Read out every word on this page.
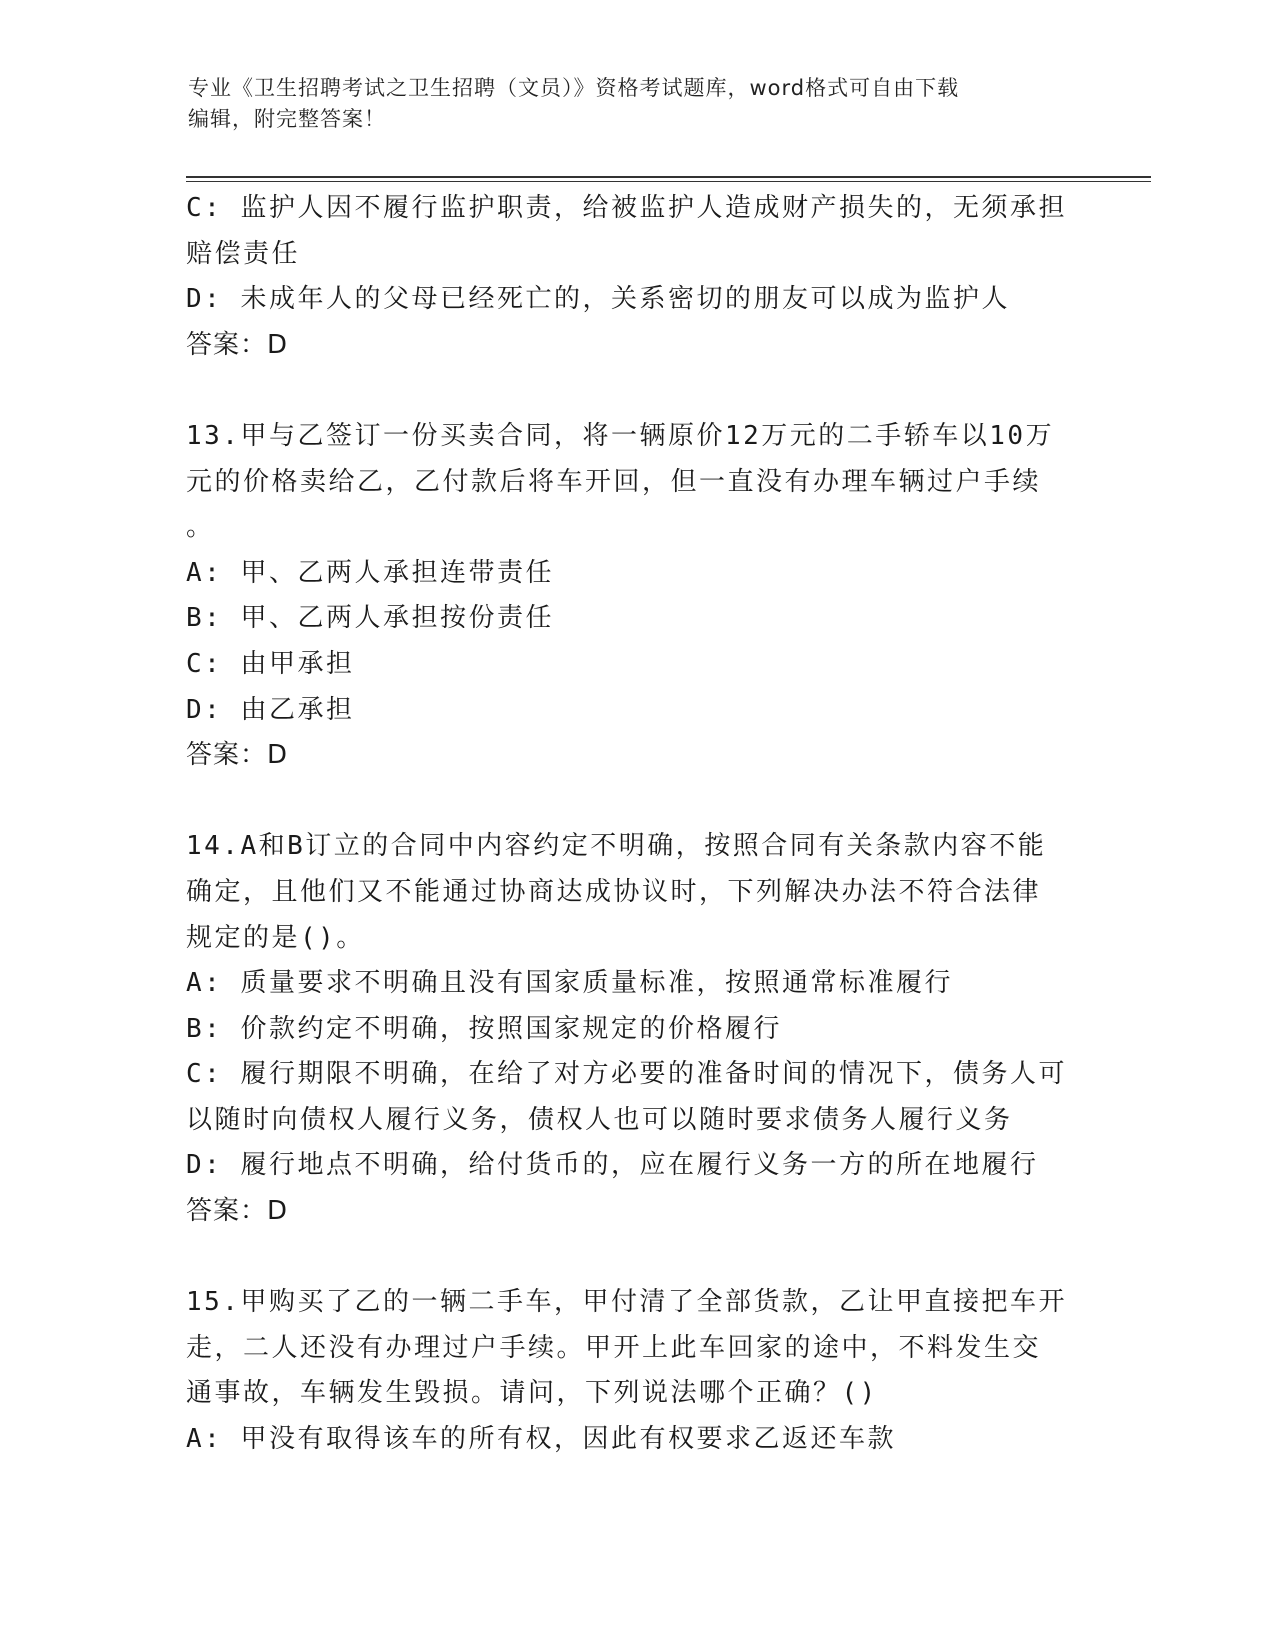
专业《卫生招聘考试之卫生招聘（文员）》资格考试题库，word格式可自由下载
编辑，附完整答案！
C: 监护人因不履行监护职责，给被监护人造成财产损失的，无须承担
赔偿责任
D: 未成年人的父母已经死亡的，关系密切的朋友可以成为监护人
答案：D
13.甲与乙签订一份买卖合同，将一辆原价12万元的二手轿车以10万
元的价格卖给乙，乙付款后将车开回，但一直没有办理车辆过户手续
。
A: 甲、乙两人承担连带责任
B: 甲、乙两人承担按份责任
C: 由甲承担
D: 由乙承担
答案：D
14.A和B订立的合同中内容约定不明确，按照合同有关条款内容不能
确定，且他们又不能通过协商达成协议时，下列解决办法不符合法律
规定的是()。
A: 质量要求不明确且没有国家质量标准，按照通常标准履行
B: 价款约定不明确，按照国家规定的价格履行
C: 履行期限不明确，在给了对方必要的准备时间的情况下，债务人可
以随时向债权人履行义务，债权人也可以随时要求债务人履行义务
D: 履行地点不明确，给付货币的，应在履行义务一方的所在地履行
答案：D
15.甲购买了乙的一辆二手车，甲付清了全部货款，乙让甲直接把车开
走，二人还没有办理过户手续。甲开上此车回家的途中，不料发生交
通事故，车辆发生毁损。请问，下列说法哪个正确？()
A: 甲没有取得该车的所有权，因此有权要求乙返还车款
